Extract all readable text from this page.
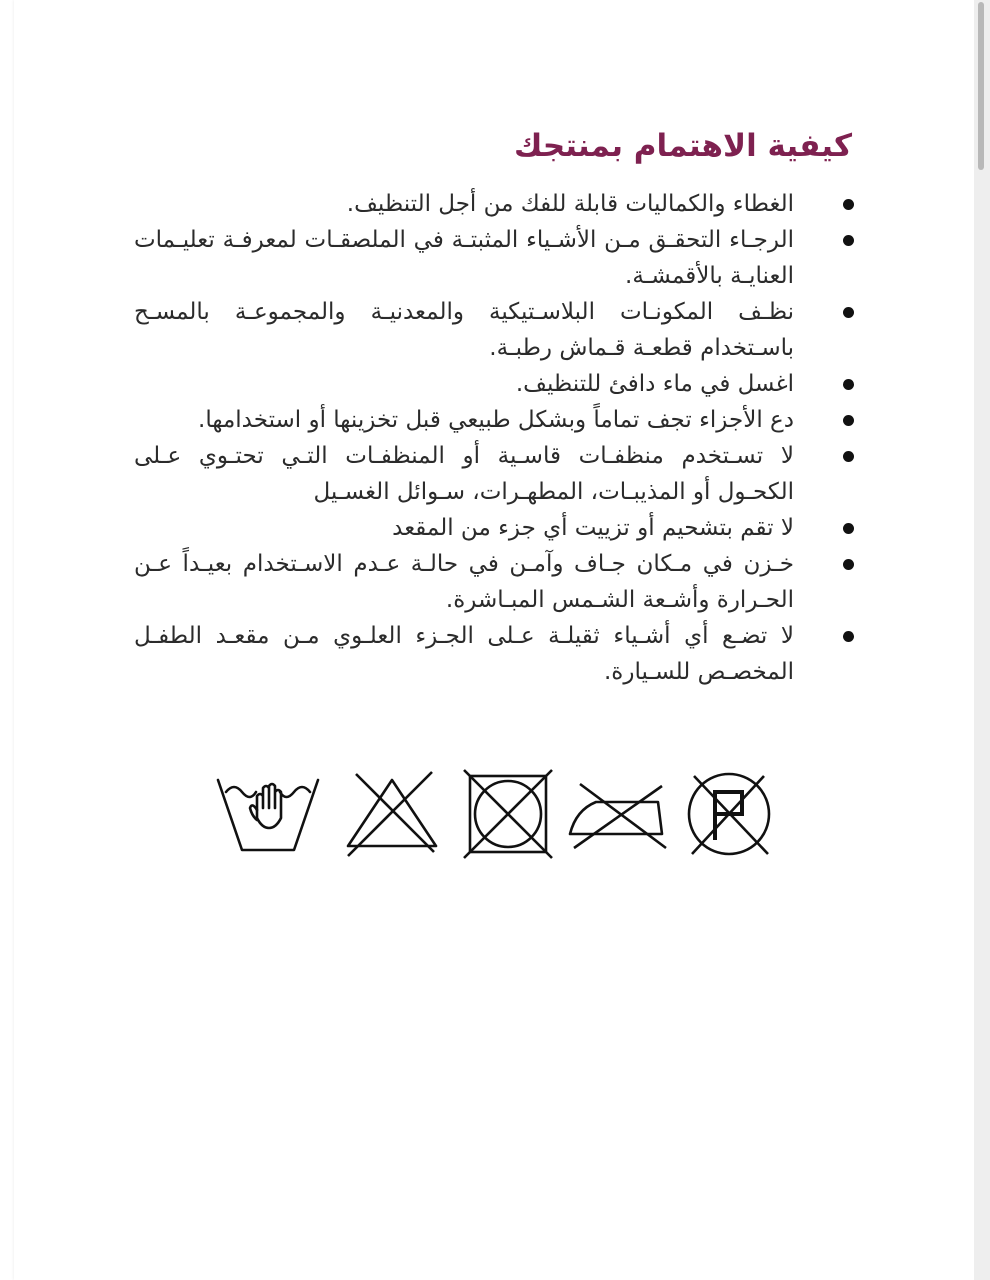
كيفية الاهتمام بمنتجك
الغطاء والكماليات قابلة للفك من أجل التنظيف.
الرجـاء التحقـق مـن الأشـياء المثبتـة في الملصقـات لمعرفـة تعليـمات العنايـة بالأقمشـة.
نظـف المكونـات البلاسـتيكية والمعدنيـة والمجموعـة بالمسـح باسـتخدام قطعـة قـماش رطبـة.
اغسل في ماء دافئ للتنظيف.
دع الأجزاء تجف تماماً وبشكل طبيعي قبل تخزينها أو استخدامها.
لا تسـتخدم منظفـات قاسـية أو المنظفـات التـي تحتـوي عـلى الكحـول أو المذيبـات، المطهـرات، سـوائل الغسـيل
لا تقم بتشحيم أو تزييت أي جزء من المقعد
خـزن في مـكان جـاف وآمـن في حالـة عـدم الاسـتخدام بعيـداً عـن الحـرارة وأشـعة الشـمس المبـاشرة.
لا تضـع أي أشـياء ثقيلـة عـلى الجـزء العلـوي مـن مقعـد الطفـل المخصـص للسـيارة.
